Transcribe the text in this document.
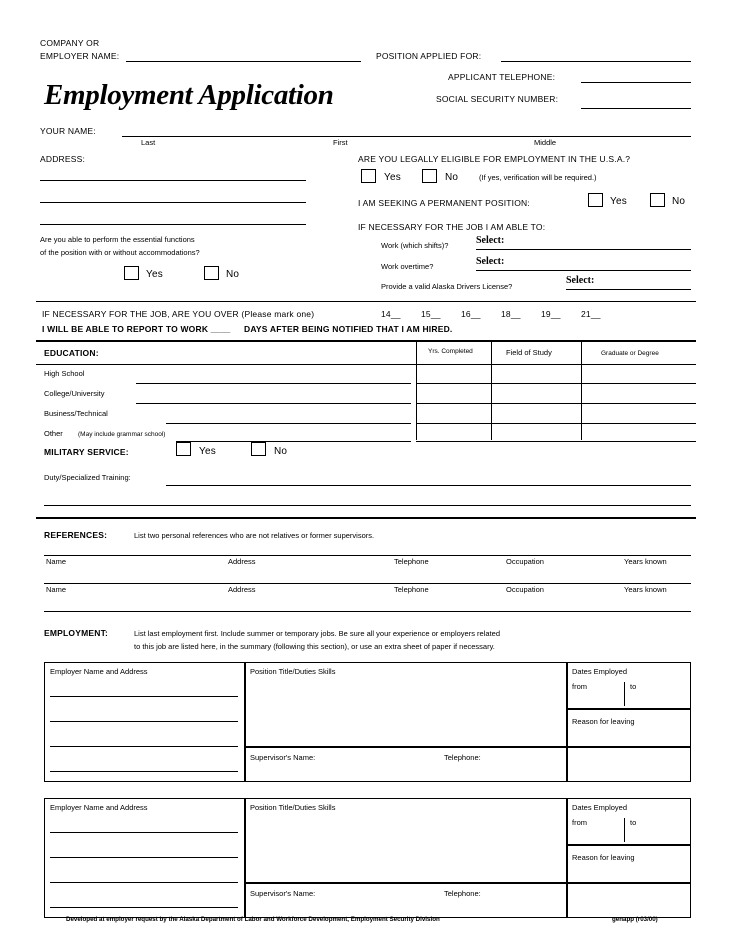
COMPANY OR
EMPLOYER NAME:	POSITION APPLIED FOR:
APPLICANT TELEPHONE:
SOCIAL SECURITY NUMBER:
Employment Application
YOUR NAME:
Last	First	Middle
ADDRESS:
Are you able to perform the essential functions
of the position with or without accommodations?
Yes	No
ARE YOU LEGALLY ELIGIBLE FOR EMPLOYMENT IN THE U.S.A.?
Yes	No	(If yes, verification will be required.)
I AM SEEKING A PERMANENT POSITION:	Yes	No
IF NECESSARY FOR THE JOB I AM ABLE TO:
Work (which shifts)?	Select:
Work overtime?	Select:
Provide a valid Alaska Drivers License?
Select:
IF NECESSARY FOR THE JOB, ARE YOU OVER (Please mark one)	14__ 15__ 16__ 18__ 19__ 21__
I WILL BE ABLE TO REPORT TO WORK ____ DAYS AFTER BEING NOTIFIED THAT I AM HIRED.
EDUCATION:	Yrs. Completed	Field of Study	Graduate or Degree
High School
College/University
Business/Technical
Other (May include grammar school)
MILITARY SERVICE:	Yes	No
Duty/Specialized Training:
REFERENCES:	List two personal references who are not relatives or former supervisors.
Name	Address	Telephone	Occupation	Years known
Name	Address	Telephone	Occupation	Years known
EMPLOYMENT:	List last employment first. Include summer or temporary jobs. Be sure all your experience or employers related
to this job are listed here, in the summary (following this section), or use an extra sheet of paper if necessary.
Employer Name and Address	Position Title/Duties Skills	Dates Employed
from	to
Reason for leaving
Supervisor's Name:	Telephone:
Employer Name and Address	Position Title/Duties Skills	Dates Employed
from	to
Reason for leaving
Supervisor's Name:	Telephone:
Developed at employer request by the Alaska Department of Labor and Workforce Development, Employment Security Division	genapp (r03/00)
